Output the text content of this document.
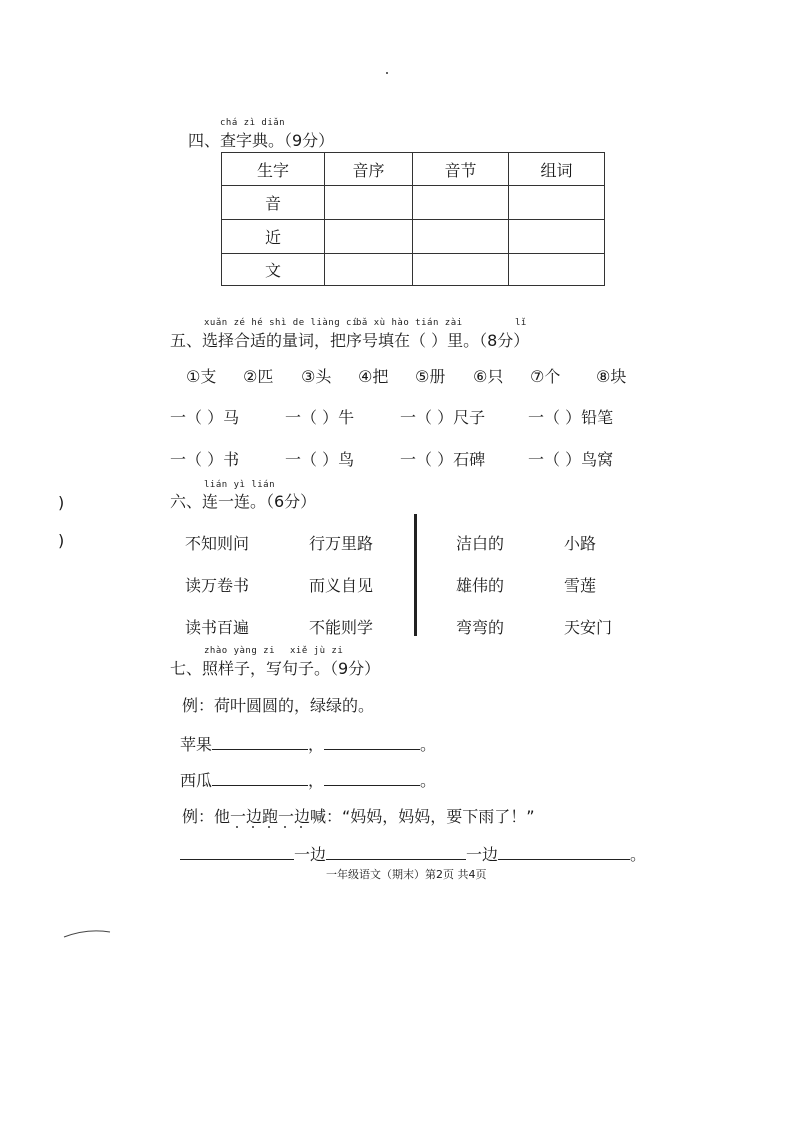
chá zì diǎn
四、查字典。（9分）
生字	音序	音节	组词
音			
近			
文			
xuǎn zé hé shì de liàng cí
bǎ xù hào tián zài	lǐ
五、选择合适的量词，把序号填在（ ）里。（8分）
①支 ②匹 ③头 ④把 ⑤册 ⑥只 ⑦个 ⑧块
一（ ）马	一（ ）牛	一（ ）尺子	一（ ）铅笔
一（ ）书	一（ ）鸟	一（ ）石碑	一（ ）鸟窝
lián yì lián
六、连一连。（6分）
)
)	不知则问
读万卷书
读书百遍
行万里路
而义自见
不能则学
洁白的
雄伟的
弯弯的
小路
雪莲
天安门
zhào yàng zi xiě jù zi
七、照样子，写句子。（9分）
例：荷叶圆圆的，绿绿的。
苹果	，	。
西瓜	，	。
例：他一边跑一边喊：“妈妈，妈妈，要下雨了！”
一边	一边	。
一年级语文（期末）第2页 共4页
